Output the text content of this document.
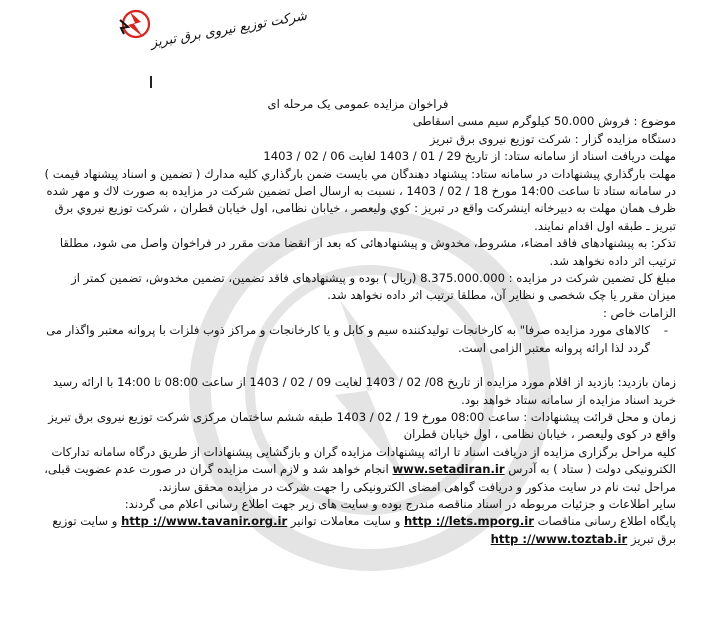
شرکت توزیع نیروی برق تبریز

فراخوان مزایده عمومی یک مرحله ای

موضوع : فروش 50.000 کیلوگرم سیم مسی اسقاطی

دستگاه مزایده گزار : شرکت توزیع نیروی برق تبریز

مهلت دریافت اسناد از سامانه ستاد: از تاریخ 29 / 01 / 1403 لغایت 06 / 02 / 1403

مهلت بارگذاري پيشنهادات در سامانه ستاد: پيشنهاد دهندگان مي بايست ضمن بارگذاري كليه مدارك ( تضمین و اسناد پیشنهاد قیمت ) در سامانه ستاد تا ساعت 14:00 مورخ 18 / 02 / 1403 ، نسبت به ارسال اصل تضمین شرکت در مزایده به صورت لاك و مهر شده ظرف همان مهلت به دبیرخانه اینشرکت واقع در تبریز : کوي وليعصر ، خیابان نظامی، اول خیابان قطران ، شرکت توزیع نیروي برق تبريز ـ طبقه اول اقدام نمایند.

تذکر: به پیشنهادهای فاقد امضاء، مشروط، مخدوش و پیشنهادهائی که بعد از انقضا مدت مقرر در فراخوان واصل می شود، مطلقا ترتیب اثر داده نخواهد شد.

مبلغ کل تضمین شرکت در مزایده : 8.375.000.000 (ریال ) بوده و پیشنهادهای فاقد تضمین، تضمین مخدوش، تضمین کمتر از میزان مقرر یا چک شخصی و نظایر آن، مطلقا ترتیب اثر داده نخواهد شد.

الزامات خاص :

-
کالاهای مورد مزایده صرفا" به کارخانجات تولیدکننده سیم و کابل و یا کارخانجات و مراکز ذوب فلزات با پروانه معتبر واگذار می گردد لذا ارائه پروانه معتبر الزامی است.

زمان بازدید: بازدید از اقلام مورد مزایده از تاریخ 08/ 02 / 1403 لغایت 09 / 02 / 1403 از ساعت 08:00 تا 14:00 با ارائه رسید خرید اسناد مزایده از سامانه ستاد خواهد بود.

زمان و محل قرائت پیشنهادات : ساعت 08:00 مورخ 19 / 02 / 1403 طبقه ششم ساختمان مرکزی شرکت توزیع نیروی برق تبریز واقع در کوی ولیعصر ، خیابان نظامی ، اول خیابان قطران

کلیه مراحل برگزاری مزایده از دریافت اسناد تا ارائه پیشنهادات مزایده گران و بازگشایی پیشنهادات از طریق درگاه سامانه تدارکات الکترونیکی دولت ( ستاد ) به آدرس www.setadiran.ir انجام خواهد شد و لازم است مزایده گران در صورت عدم عضویت قبلی، مراحل ثبت نام در سایت مذکور و دریافت گواهی امضای الکترونیکی را جهت شرکت در مزایده محقق سازند.

سایر اطلاعات و جزئیات مربوطه در اسناد مناقصه مندرج بوده و سایت های زیر جهت اطلاع رسانی اعلام می گردند:

پایگاه اطلاع رسانی مناقصات http ://lets.mporg.ir و سایت معاملات توانیر http ://www.tavanir.org.ir و سایت توزیع برق تبریز http ://www.toztab.ir
